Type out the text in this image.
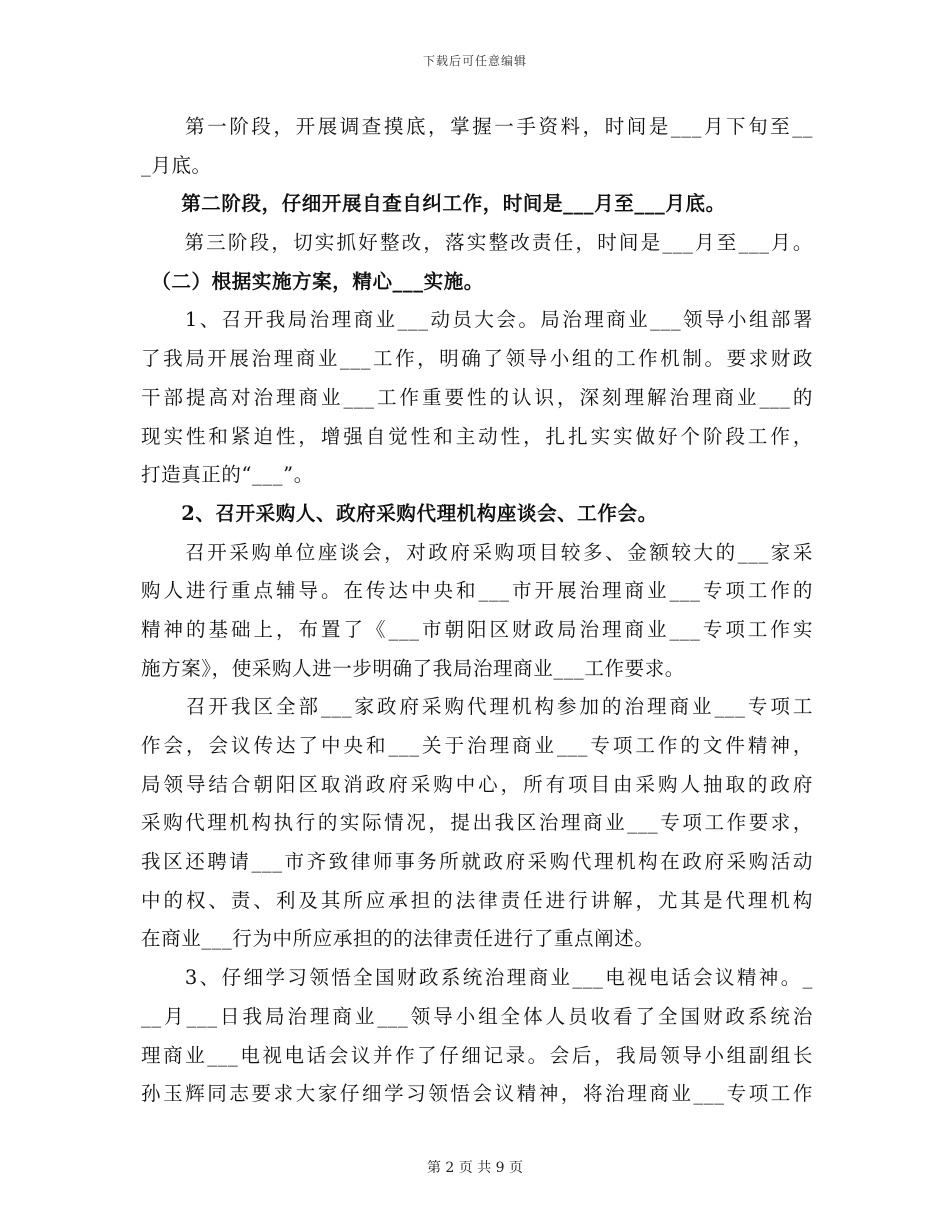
下载后可任意编辑
　　第一阶段，开展调查摸底，掌握一手资料，时间是___月下旬至__
_月底。
　　第二阶段，仔细开展自查自纠工作，时间是___月至___月底。
　　第三阶段，切实抓好整改，落实整改责任，时间是___月至___月。
　（二）根据实施方案，精心___实施。
　　1、召开我局治理商业___动员大会。局治理商业___领导小组部署
了我局开展治理商业___工作，明确了领导小组的工作机制。要求财政
干部提高对治理商业___工作重要性的认识，深刻理解治理商业___的
现实性和紧迫性，增强自觉性和主动性，扎扎实实做好个阶段工作，
打造真正的“___”。
　　2、召开采购人、政府采购代理机构座谈会、工作会。
　　召开采购单位座谈会，对政府采购项目较多、金额较大的___家采
购人进行重点辅导。在传达中央和___市开展治理商业___专项工作的
精神的基础上，布置了《___市朝阳区财政局治理商业___专项工作实
施方案》，使采购人进一步明确了我局治理商业___工作要求。
　　召开我区全部___家政府采购代理机构参加的治理商业___专项工
作会，会议传达了中央和___关于治理商业___专项工作的文件精神，
局领导结合朝阳区取消政府采购中心，所有项目由采购人抽取的政府
采购代理机构执行的实际情况，提出我区治理商业___专项工作要求，
我区还聘请___市齐致律师事务所就政府采购代理机构在政府采购活动
中的权、责、利及其所应承担的法律责任进行讲解，尤其是代理机构
在商业___行为中所应承担的的法律责任进行了重点阐述。
　　3、仔细学习领悟全国财政系统治理商业___电视电话会议精神。_
__月___日我局治理商业___领导小组全体人员收看了全国财政系统治
理商业___电视电话会议并作了仔细记录。会后，我局领导小组副组长
孙玉辉同志要求大家仔细学习领悟会议精神，将治理商业___专项工作
第 2 页 共 9 页
